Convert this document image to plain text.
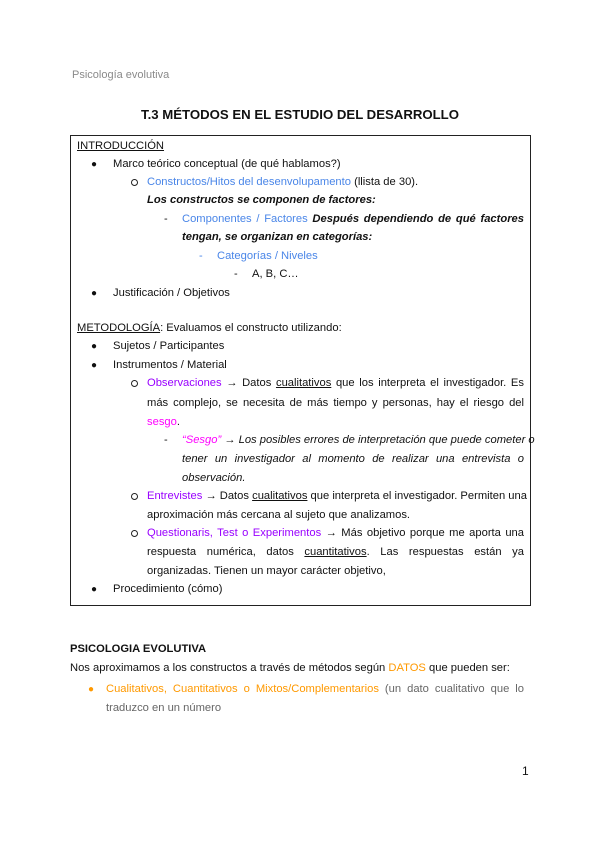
Psicología evolutiva
T.3 MÉTODOS EN EL ESTUDIO DEL DESARROLLO
INTRODUCCIÓN
● Marco teórico conceptual (de qué hablamos?)
Constructos/Hitos del desenvolupamento (llista de 30).
Los constructos se componen de factores:
- Componentes / Factores Después dependiendo de qué factores
tengan, se organizan en categorías:
- Categorías / Niveles
- A, B, C…
● Justificación / Objetivos
METODOLOGÍA: Evaluamos el constructo utilizando:
● Sujetos / Participantes
● Instrumentos / Material
Observaciones → Datos cualitativos que los interpreta el investigador. Es
más complejo, se necesita de más tiempo y personas, hay el riesgo del
sesgo.
- “Sesgo” → Los posibles errores de interpretación que puede cometer o
tener un investigador al momento de realizar una entrevista o
observación.
Entrevistes → Datos cualitativos que interpreta el investigador. Permiten una
aproximación más cercana al sujeto que analizamos.
Questionaris, Test o Experimentos → Más objetivo porque me aporta una
respuesta numérica, datos cuantitativos. Las respuestas están ya
organizadas. Tienen un mayor carácter objetivo,
● Procedimiento (cómo)
PSICOLOGIA EVOLUTIVA
Nos aproximamos a los constructos a través de métodos según DATOS que pueden ser:
● Cualitativos, Cuantitativos o Mixtos/Complementarios (un dato cualitativo que lo
traduzco en un número
1
